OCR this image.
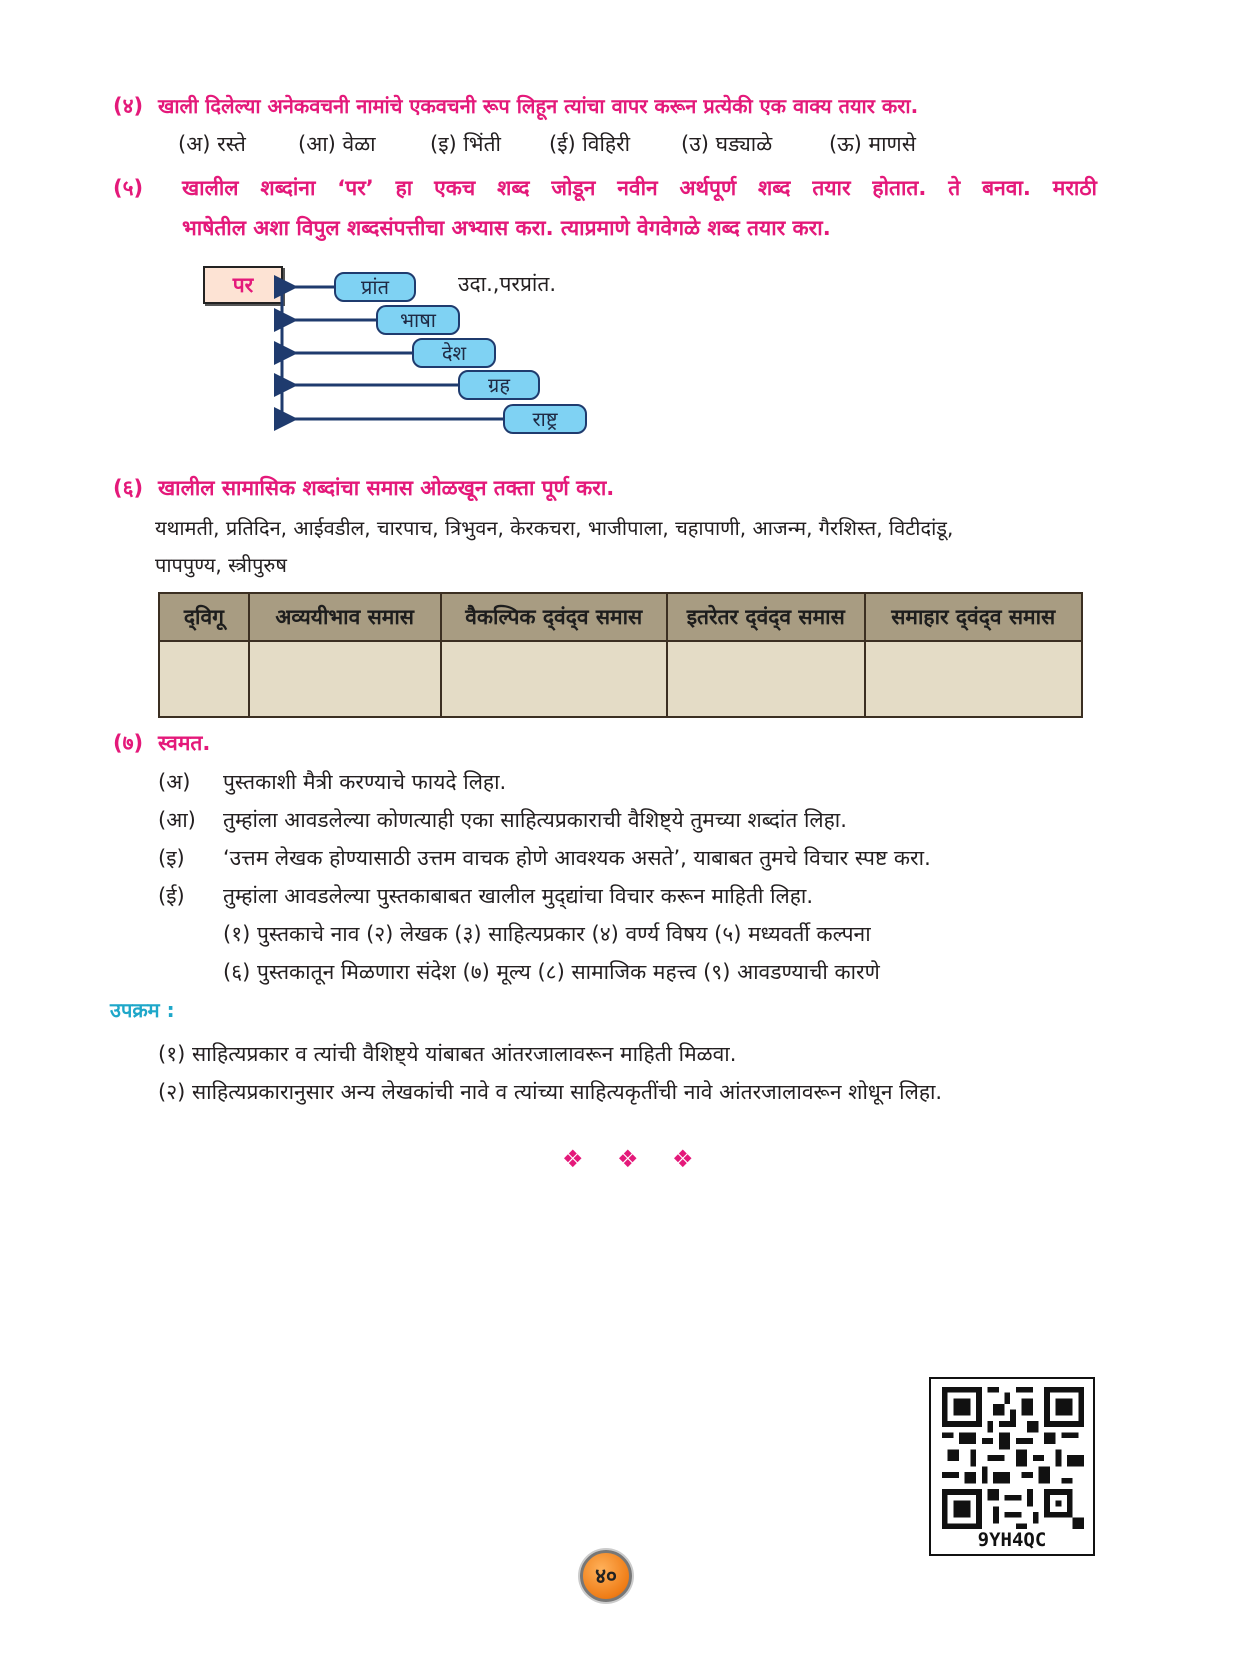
(४) खाली दिलेल्या अनेकवचनी नामांचे एकवचनी रूप लिहून त्यांचा वापर करून प्रत्येकी एक वाक्य तयार करा.
(अ) रस्ते (आ) वेळा	(इ) भिंती (ई) विहिरी (उ) घड्याळे	(ऊ) माणसे
(५) खालील शब्दांना ‘पर’ हा एकच शब्द जोडून नवीन अर्थपूर्ण शब्द तयार होतात. ते बनवा. मराठी
भाषेतील अशा विपुल शब्दसंपत्तीचा अभ्यास करा. त्याप्रमाणे वेगवेगळे शब्द तयार करा.
पर	प्रांत
भाषा
देश
ग्रह
राष्ट्र
उदा.,परप्रांत.
(६) खालील सामासिक शब्दांचा समास ओळखून तक्ता पूर्ण करा.
यथामती, प्रतिदिन, आईवडील, चारपाच, त्रिभुवन, केरकचरा, भाजीपाला, चहापाणी, आजन्म, गैरशिस्त, विटीदांडू,
पापपुण्य, स्त्रीपुरुष
द्‌विगू	अव्ययीभाव समास	वैकल्पिक द्‌वंद्‌व समास	इतरेतर द्‌वंद्‌व समास	समाहार द्‌वंद्‌व समास

(७) स्वमत.
(अ) पुस्तकाशी मैत्री करण्याचे फायदे लिहा.
(आ) तुम्हांला आवडलेल्या कोणत्याही एका साहित्यप्रकाराची वैशिष्ट्ये तुमच्या शब्दांत लिहा.
(इ) ‘उत्तम लेखक होण्यासाठी उत्तम वाचक होणे आवश्यक असते’, याबाबत तुमचे विचार स्पष्ट करा.
(ई) तुम्हांला आवडलेल्या पुस्तकाबाबत खालील मुद्‌द्यांचा विचार करून माहिती लिहा.
(१) पुस्तकाचे नाव (२) लेखक (३) साहित्यप्रकार (४) वर्ण्य विषय (५) मध्यवर्ती कल्पना
(६) पुस्तकातून मिळणारा संदेश (७) मूल्य (८) सामाजिक महत्त्व (९) आवडण्याची कारणे
उपक्रम :
(१) साहित्यप्रकार व त्यांची वैशिष्ट्ये यांबाबत आंतरजालावरून माहिती मिळवा.
(२) साहित्यप्रकारानुसार अन्य लेखकांची नावे व त्यांच्या साहित्यकृतींची नावे आंतरजालावरून शोधून लिहा.
❖ ❖ ❖
9YH4QC
४०
